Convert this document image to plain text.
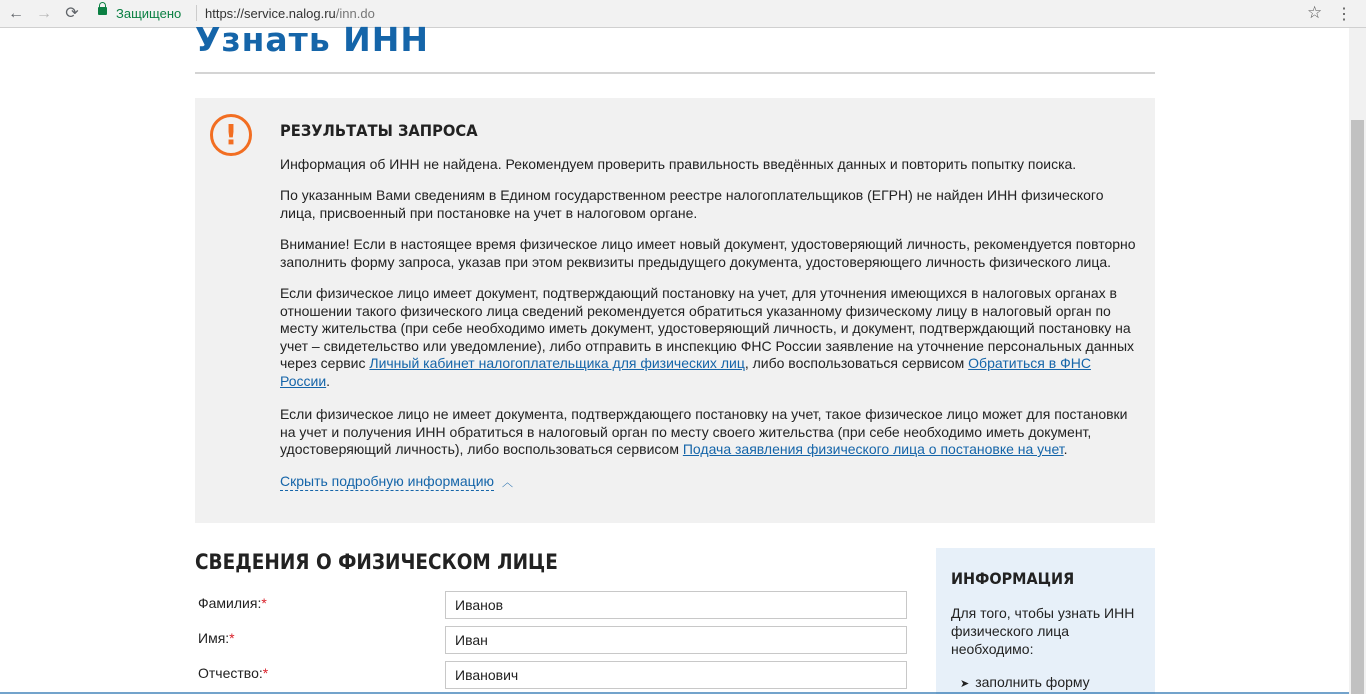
← → ⟳	Защищено https://service.nalog.ru/inn.do	☆ ⋮
Узнать ИНН
!	РЕЗУЛЬТАТЫ ЗАПРОСА

Информация об ИНН не найдена. Рекомендуем проверить правильность введённых данных и повторить попытку поиска.

По указанным Вами сведениям в Едином государственном реестре налогоплательщиков (ЕГРН) не найден ИНН физического лица, присвоенный при постановке на учет в налоговом органе.

Внимание! Если в настоящее время физическое лицо имеет новый документ, удостоверяющий личность, рекомендуется повторно заполнить форму запроса, указав при этом реквизиты предыдущего документа, удостоверяющего личность физического лица.

Если физическое лицо имеет документ, подтверждающий постановку на учет, для уточнения имеющихся в налоговых органах в отношении такого физического лица сведений рекомендуется обратиться указанному физическому лицу в налоговый орган по месту жительства (при себе необходимо иметь документ, удостоверяющий личность, и документ, подтверждающий постановку на учет – свидетельство или уведомление), либо отправить в инспекцию ФНС России заявление на уточнение персональных данных через сервис Личный кабинет налогоплательщика для физических лиц, либо воспользоваться сервисом Обратиться в ФНС России.

Если физическое лицо не имеет документа, подтверждающего постановку на учет, такое физическое лицо может для постановки на учет и получения ИНН обратиться в налоговый орган по месту своего жительства (при себе необходимо иметь документ, удостоверяющий личность), либо воспользоваться сервисом Подача заявления физического лица о постановке на учет.

Скрыть подробную информацию ︿
СВЕДЕНИЯ О ФИЗИЧЕСКОМ ЛИЦЕ
Фамилия:*
Иванов
Имя:*
Иван
Отчество:*
Иванович
ИНФОРМАЦИЯ
Для того, чтобы узнать ИНН физического лица необходимо:
➤ заполнить форму
